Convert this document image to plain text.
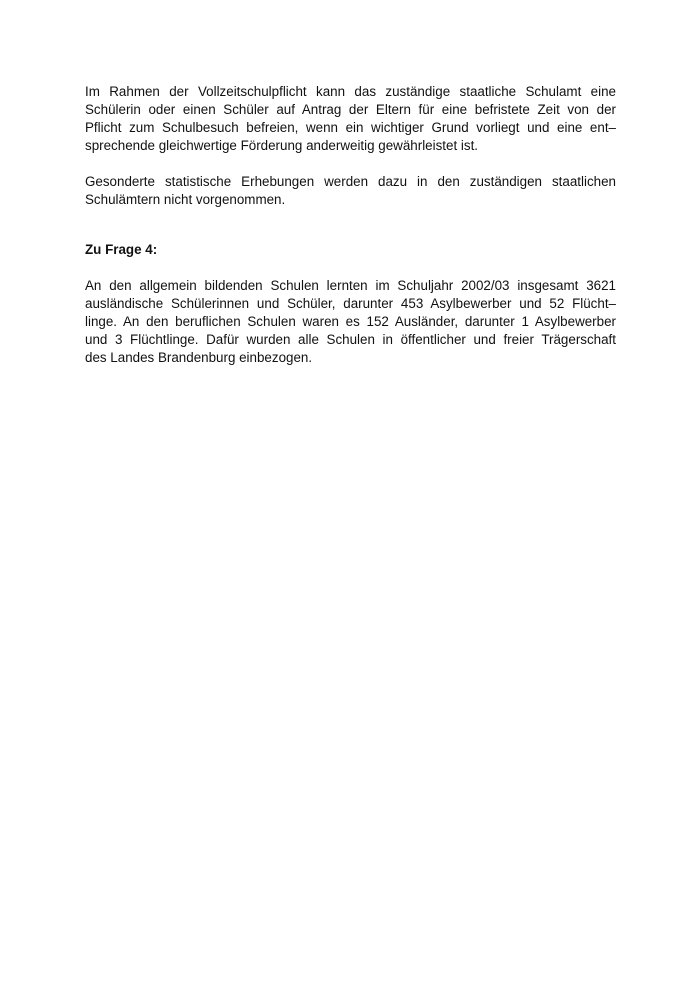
Im Rahmen der Vollzeitschulpflicht kann das zuständige staatliche Schulamt eine
Schülerin oder einen Schüler auf Antrag der Eltern für eine befristete Zeit von der
Pflicht zum Schulbesuch befreien, wenn ein wichtiger Grund vorliegt und eine ent–
sprechende gleichwertige Förderung anderweitig gewährleistet ist.
Gesonderte statistische Erhebungen werden dazu in den zuständigen staatlichen
Schulämtern nicht vorgenommen.
Zu Frage 4:
An den allgemein bildenden Schulen lernten im Schuljahr 2002/03 insgesamt 3621
ausländische Schülerinnen und Schüler, darunter 453 Asylbewerber und 52 Flücht–
linge. An den beruflichen Schulen waren es 152 Ausländer, darunter 1 Asylbewerber
und 3 Flüchtlinge. Dafür wurden alle Schulen in öffentlicher und freier Trägerschaft
des Landes Brandenburg einbezogen.
